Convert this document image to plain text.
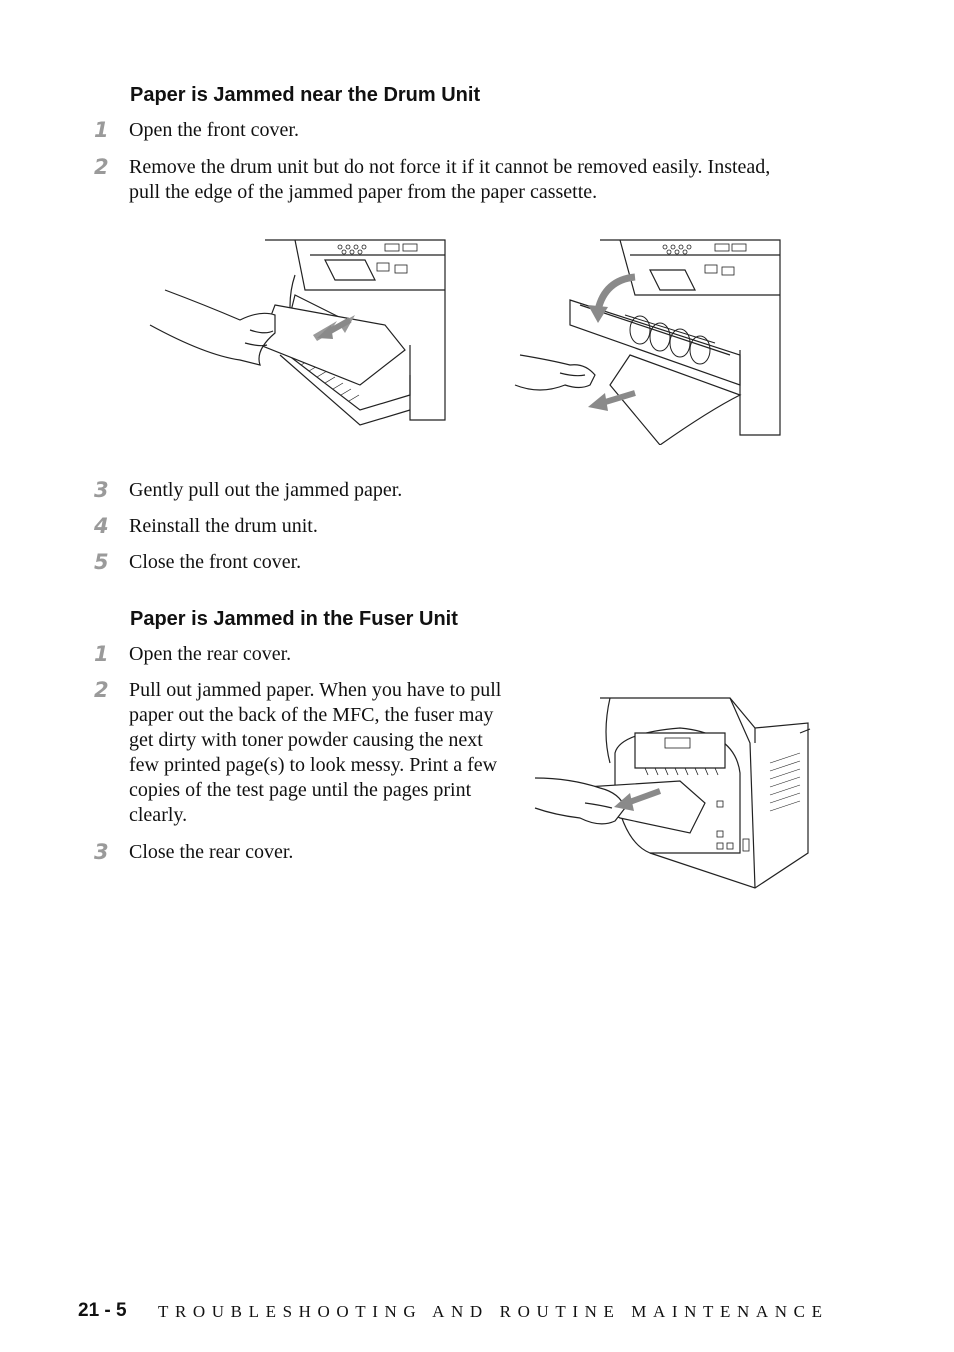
Paper is Jammed near the Drum Unit
1	Open the front cover.
2	Remove the drum unit but do not force it if it cannot be removed easily. Instead, pull the edge of the jammed paper from the paper cassette.
3	Gently pull out the jammed paper.
4	Reinstall the drum unit.
5	Close the front cover.
Paper is Jammed in the Fuser Unit
1	Open the rear cover.
2	Pull out jammed paper. When you have to pull paper out the back of the MFC, the fuser may get dirty with toner powder causing the next few printed page(s) to look messy. Print a few copies of the test page until the pages print clearly.
3	Close the rear cover.
21 - 5 TROUBLESHOOTING AND ROUTINE MAINTENANCE
